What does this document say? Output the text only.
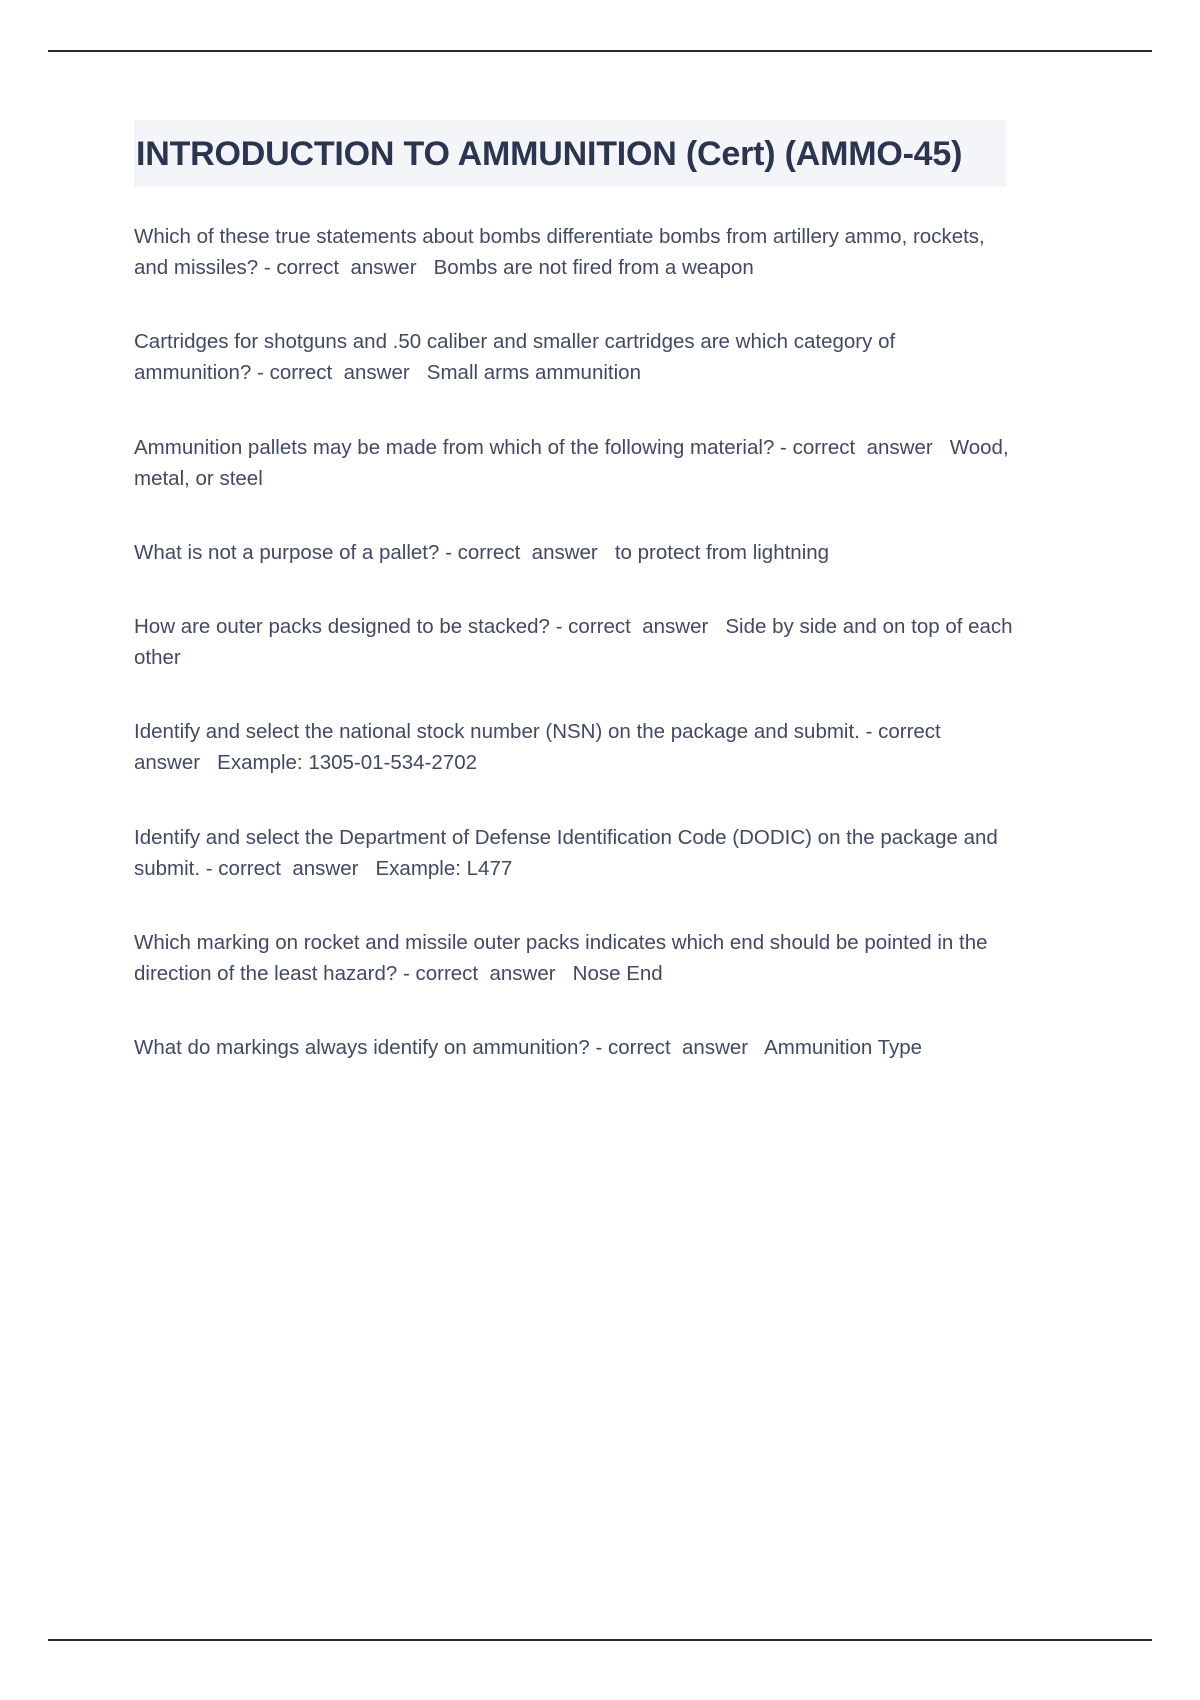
INTRODUCTION TO AMMUNITION (Cert) (AMMO-45)
Which of these true statements about bombs differentiate bombs from artillery ammo, rockets, and missiles? - correct  answer   Bombs are not fired from a weapon
Cartridges for shotguns and .50 caliber and smaller cartridges are which category of ammunition? - correct  answer   Small arms ammunition
Ammunition pallets may be made from which of the following material? - correct  answer   Wood, metal, or steel
What is not a purpose of a pallet? - correct  answer   to protect from lightning
How are outer packs designed to be stacked? - correct  answer   Side by side and on top of each other
Identify and select the national stock number (NSN) on the package and submit. - correct  answer   Example: 1305-01-534-2702
Identify and select the Department of Defense Identification Code (DODIC) on the package and submit. - correct  answer   Example: L477
Which marking on rocket and missile outer packs indicates which end should be pointed in the direction of the least hazard? - correct  answer   Nose End
What do markings always identify on ammunition? - correct  answer   Ammunition Type
